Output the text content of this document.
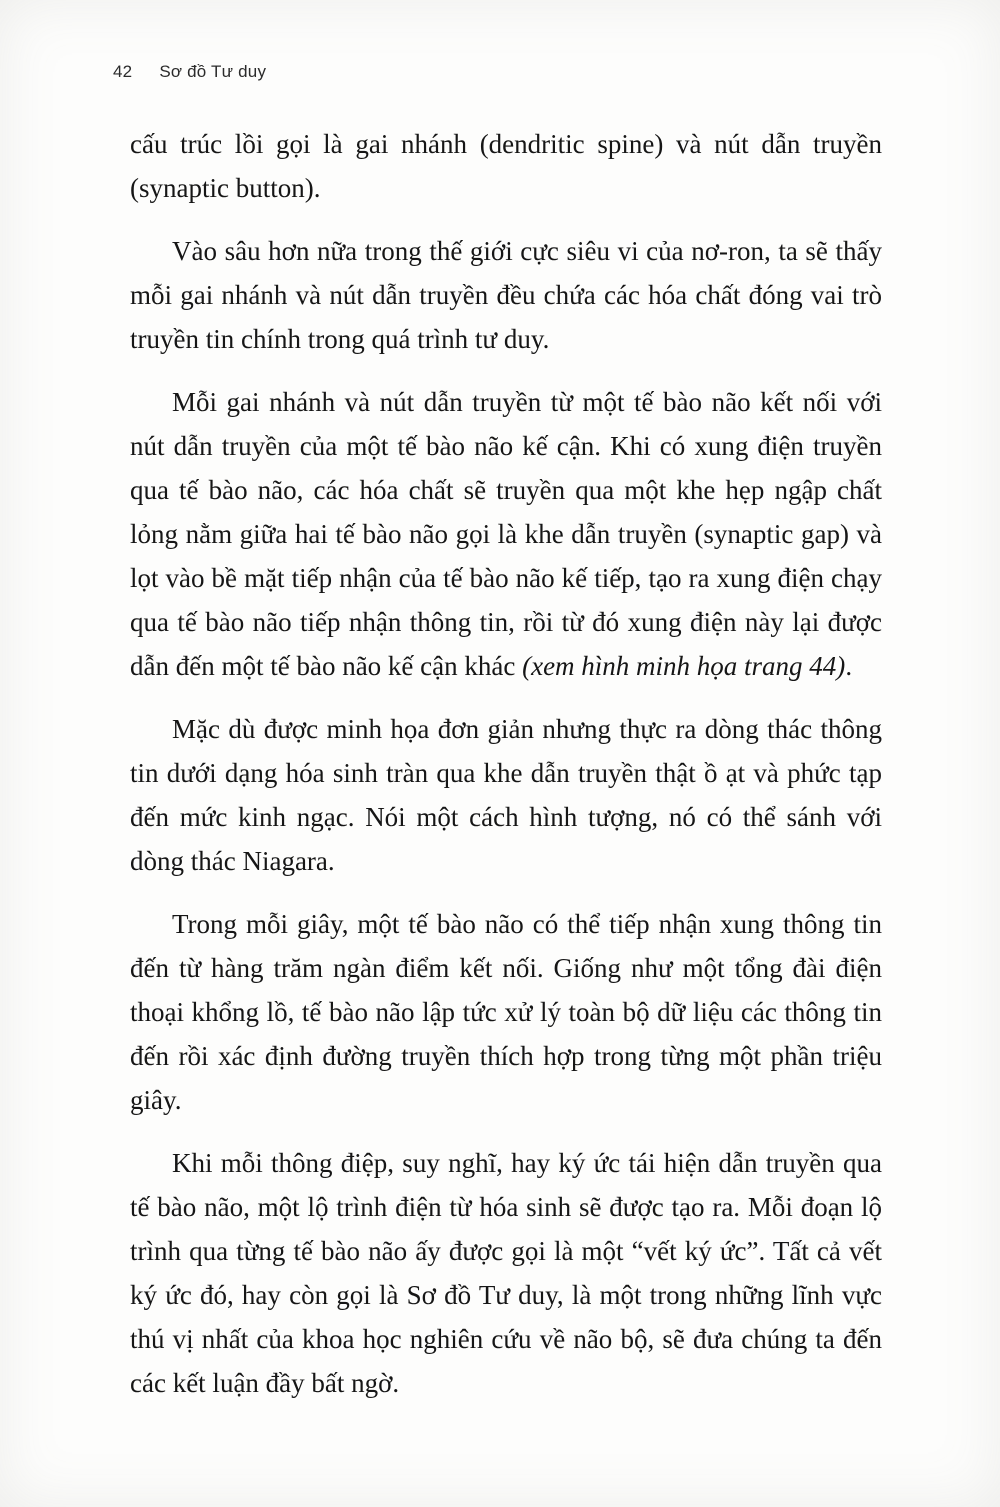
42 Sơ đồ Tư duy

cấu trúc lồi gọi là gai nhánh (dendritic spine) và nút dẫn truyền (synaptic button).

Vào sâu hơn nữa trong thế giới cực siêu vi của nơ-ron, ta sẽ thấy mỗi gai nhánh và nút dẫn truyền đều chứa các hóa chất đóng vai trò truyền tin chính trong quá trình tư duy.

Mỗi gai nhánh và nút dẫn truyền từ một tế bào não kết nối với nút dẫn truyền của một tế bào não kế cận. Khi có xung điện truyền qua tế bào não, các hóa chất sẽ truyền qua một khe hẹp ngập chất lỏng nằm giữa hai tế bào não gọi là khe dẫn truyền (synaptic gap) và lọt vào bề mặt tiếp nhận của tế bào não kế tiếp, tạo ra xung điện chạy qua tế bào não tiếp nhận thông tin, rồi từ đó xung điện này lại được dẫn đến một tế bào não kế cận khác (xem hình minh họa trang 44).

Mặc dù được minh họa đơn giản nhưng thực ra dòng thác thông tin dưới dạng hóa sinh tràn qua khe dẫn truyền thật ồ ạt và phức tạp đến mức kinh ngạc. Nói một cách hình tượng, nó có thể sánh với dòng thác Niagara.

Trong mỗi giây, một tế bào não có thể tiếp nhận xung thông tin đến từ hàng trăm ngàn điểm kết nối. Giống như một tổng đài điện thoại khổng lồ, tế bào não lập tức xử lý toàn bộ dữ liệu các thông tin đến rồi xác định đường truyền thích hợp trong từng một phần triệu giây.

Khi mỗi thông điệp, suy nghĩ, hay ký ức tái hiện dẫn truyền qua tế bào não, một lộ trình điện từ hóa sinh sẽ được tạo ra. Mỗi đoạn lộ trình qua từng tế bào não ấy được gọi là một “vết ký ức”. Tất cả vết ký ức đó, hay còn gọi là Sơ đồ Tư duy, là một trong những lĩnh vực thú vị nhất của khoa học nghiên cứu về não bộ, sẽ đưa chúng ta đến các kết luận đầy bất ngờ.
